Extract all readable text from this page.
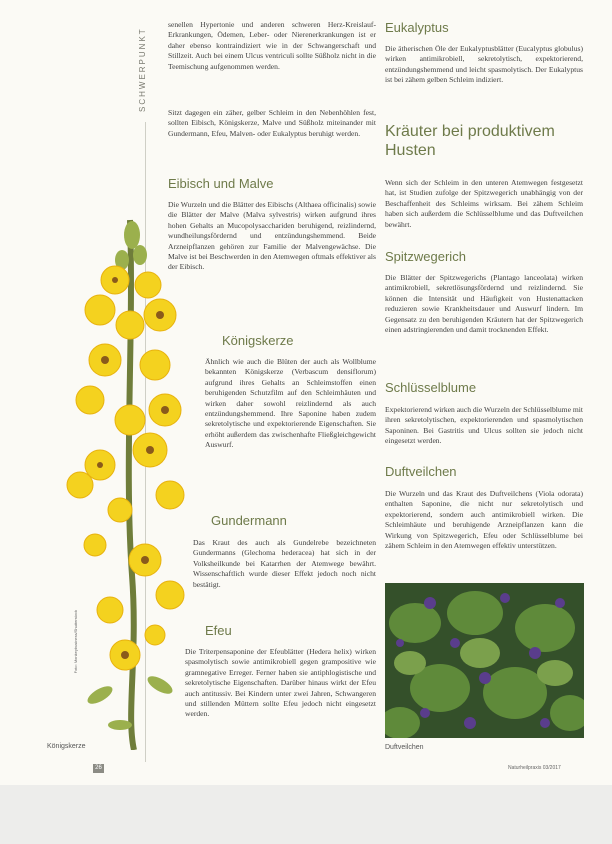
SCHWERPUNKT
Foto: Monkeybusiness/Shutterstock
senellen Hypertonie und anderen schweren Herz-Kreislauf-Erkrankungen, Ödemen, Leber- oder Nierenerkrankungen ist er daher ebenso kontraindiziert wie in der Schwangerschaft und Stillzeit. Auch bei einem Ulcus ventriculi sollte Süßholz nicht in die Teemischung aufgenommen werden.
Sitzt dagegen ein zäher, gelber Schleim in den Nebenhöhlen fest, sollten Eibisch, Königskerze, Malve und Süßholz miteinander mit Gundermann, Efeu, Malven- oder Eukalyptus beruhigt werden.
Eibisch und Malve
Die Wurzeln und die Blätter des Eibischs (Althaea officinalis) sowie die Blätter der Malve (Malva sylvestris) wirken aufgrund ihres hohen Gehalts an Mucopolysacchariden beruhigend, reizlindernd, wundheilungsfördernd und entzündungshemmend. Beide Arzneipflanzen gehören zur Familie der Malvengewächse. Die Malve ist bei Beschwerden in den Atemwegen oftmals effektiver als der Eibisch.
Königskerze
Ähnlich wie auch die Blüten der auch als Wollblume bekannten Königskerze (Verbascum densiflorum) aufgrund ihres Gehalts an Schleimstoffen einen beruhigenden Schutzfilm auf den Schleimhäuten und wirken daher sowohl reizlindernd als auch entzündungshemmend. Ihre Saponine haben zudem sekretolytische und expektorierende Eigenschaften. Sie erhöht außerdem das zwischenhafte Fließgleichgewicht Auswurf.
Gundermann
Das Kraut des auch als Gundelrebe bezeichneten Gundermanns (Glechoma hederacea) hat sich in der Volksheilkunde bei Katarrhen der Atemwege bewährt. Wissenschaftlich wurde dieser Effekt jedoch noch nicht bestätigt.
Efeu
Die Triterpensaponine der Efeublätter (Hedera helix) wirken spasmolytisch sowie antimikrobiell gegen grampositive wie gramnegative Erreger. Ferner haben sie antiphlogistische und sekretolytische Eigenschaften. Darüber hinaus wirkt der Efeu auch antitussiv. Bei Kindern unter zwei Jahren, Schwangeren und stillenden Müttern sollte Efeu jedoch nicht eingesetzt werden.
Königskerze
Eukalyptus
Die ätherischen Öle der Eukalyptusblätter (Eucalyptus globulus) wirken antimikrobiell, sekretolytisch, expektorierend, entzündungshemmend und leicht spasmolytisch. Der Eukalyptus ist bei zähem gelben Schleim indiziert.
Kräuter bei produktivem Husten
Wenn sich der Schleim in den unteren Atemwegen festgesetzt hat, ist Studien zufolge der Spitzwegerich unabhängig von der Beschaffenheit des Schleims wirksam. Bei zähem Schleim haben sich außerdem die Schlüsselblume und das Duftveilchen bewährt.
Spitzwegerich
Die Blätter der Spitzwegerichs (Plantago lanceolata) wirken antimikrobiell, sekretlösungsfördernd und reizlindernd. Sie können die Intensität und Häufigkeit von Hustenattacken reduzieren sowie Krankheitsdauer und Auswurf lindern. Im Gegensatz zu den beruhigenden Kräutern hat der Spitzwegerich einen adstringierenden und damit trocknenden Effekt.
Schlüsselblume
Expektorierend wirken auch die Wurzeln der Schlüsselblume mit ihren sekretolytischen, expektorierenden und spasmolytischen Saponinen. Bei Gastritis und Ulcus sollten sie jedoch nicht eingesetzt werden.
Duftveilchen
Die Wurzeln und das Kraut des Duftveilchens (Viola odorata) enthalten Saponine, die nicht nur sekretolytisch und expektorierend, sondern auch antimikrobiell wirken. Die Schleimhäute und beruhigende Arzneipflanzen kann die Wirkung von Spitzwegerich, Efeu oder Schlüsselblume bei zähem Schleim in den Atemwegen effektiv unterstützen.
Duftveilchen
26	Naturheilpraxis 03/2017
